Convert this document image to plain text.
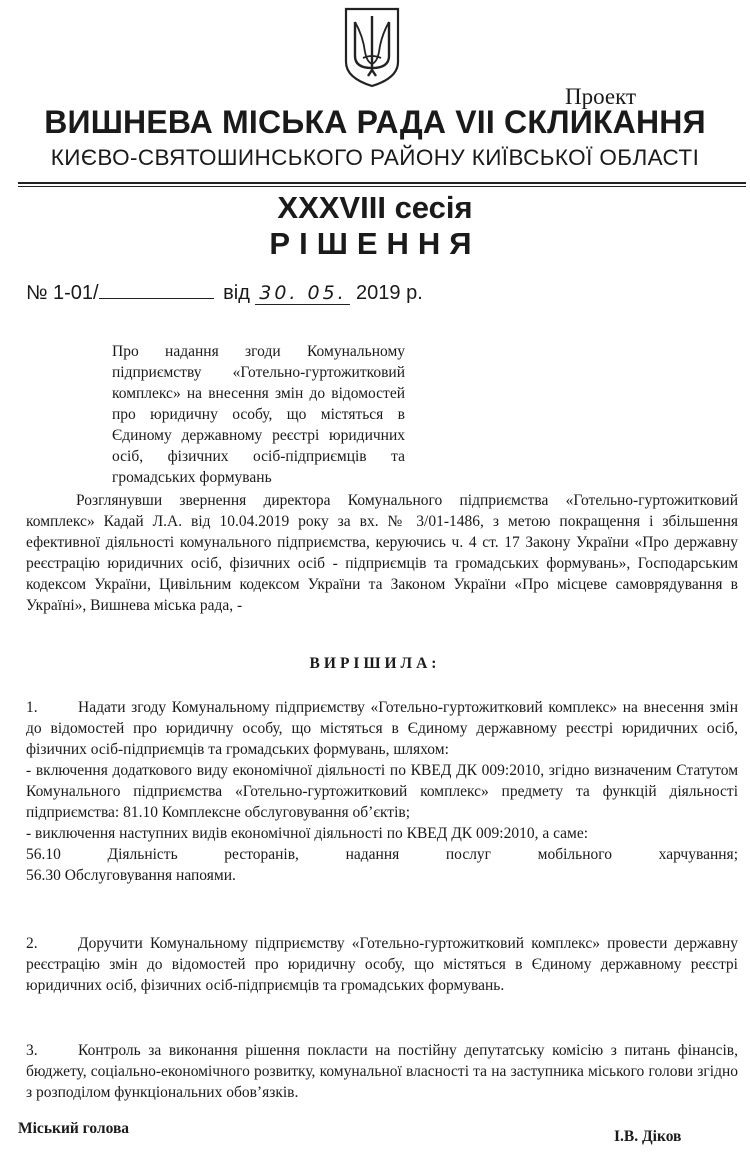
Проект
ВИШНЕВА МІСЬКА РАДА VII СКЛИКАННЯ
КИЄВО-СВЯТОШИНСЬКОГО РАЙОНУ КИЇВСЬКОЇ ОБЛАСТІ
XXXVIII сесія
РІШЕННЯ
№ 1-01/	від 30. 05. 2019 р.
Про надання згоди Комунальному підприємству «Готельно-гуртожитковий комплекс» на внесення змін до відомостей про юридичну особу, що містяться в Єдиному державному реєстрі юридичних осіб, фізичних осіб-підприємців та громадських формувань
Розглянувши звернення директора Комунального підприємства «Готельно-гуртожитковий комплекс» Кадай Л.А. від 10.04.2019 року за вх. № 3/01-1486, з метою покращення і збільшення ефективної діяльності комунального підприємства, керуючись ч. 4 ст. 17 Закону України «Про державну реєстрацію юридичних осіб, фізичних осіб - підприємців та громадських формувань», Господарським кодексом України, Цивільним кодексом України та Законом України «Про місцеве самоврядування в Україні», Вишнева міська рада, -
ВИРІШИЛА:
1.	Надати згоду Комунальному підприємству «Готельно-гуртожитковий комплекс» на внесення змін до відомостей про юридичну особу, що містяться в Єдиному державному реєстрі юридичних осіб, фізичних осіб-підприємців та громадських формувань, шляхом:
- включення додаткового виду економічної діяльності по КВЕД ДК 009:2010, згідно визначеним Статутом Комунального підприємства «Готельно-гуртожитковий комплекс» предмету та функцій діяльності підприємства: 81.10 Комплексне обслуговування об’єктів;
- виключення наступних видів економічної діяльності по КВЕД ДК 009:2010, а саме:
56.10 Діяльність ресторанів, надання послуг мобільного харчування;
56.30 Обслуговування напоями.
2.	Доручити Комунальному підприємству «Готельно-гуртожитковий комплекс» провести державну реєстрацію змін до відомостей про юридичну особу, що містяться в Єдиному державному реєстрі юридичних осіб, фізичних осіб-підприємців та громадських формувань.
3.	Контроль за виконання рішення покласти на постійну депутатську комісію з питань фінансів, бюджету, соціально-економічного розвитку, комунальної власності та на заступника міського голови згідно з розподілом функціональних обов’язків.
Міський голова	І.В. Діков
